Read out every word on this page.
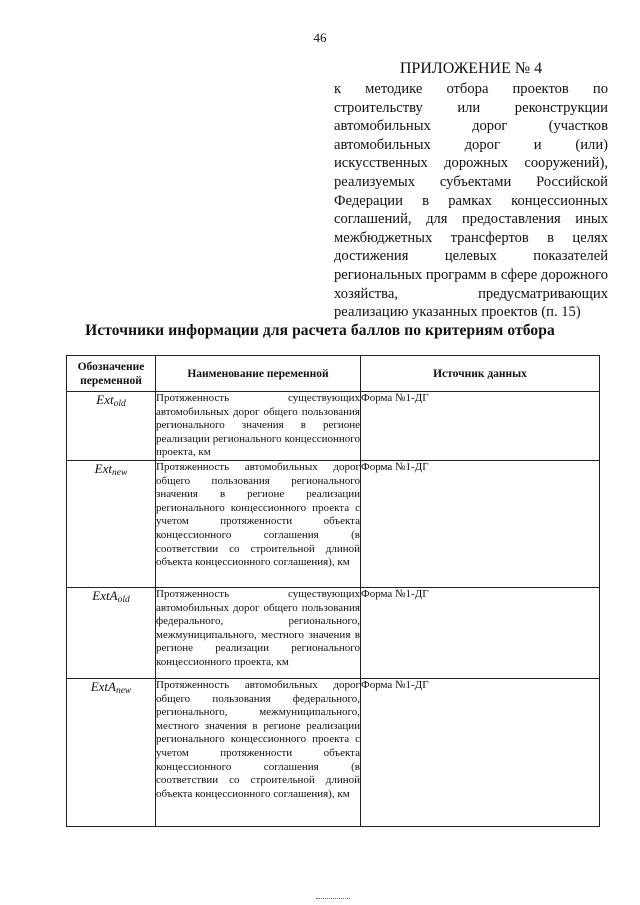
46
ПРИЛОЖЕНИЕ № 4

к методике отбора проектов по строительству или реконструкции автомобильных дорог (участков автомобильных дорог и (или) искусственных дорожных сооружений), реализуемых субъектами Российской Федерации в рамках концессионных соглашений, для предоставления иных межбюджетных трансфертов в целях достижения целевых показателей региональных программ в сфере дорожного хозяйства, предусматривающих реализацию указанных проектов (п. 15)

Источники информации для расчета баллов по критериям отбора
Обозначение переменной	Наименование переменной	Источник данных
Ext$_{old}$	Протяженность существующих автомобильных дорог общего пользования регионального значения в регионе реализации регионального концессионного проекта, км	Форма №1-ДГ
Ext$_{new}$	Протяженность автомобильных дорог общего пользования регионального значения в регионе реализации регионального концессионного проекта с учетом протяженности объекта концессионного соглашения (в соответствии со строительной длиной объекта концессионного соглашения), км	Форма №1-ДГ
ExtA$_{old}$	Протяженность существующих автомобильных дорог общего пользования федерального, регионального, межмуниципального, местного значения в регионе реализации регионального концессионного проекта, км	Форма №1-ДГ
ExtA$_{new}$	Протяженность автомобильных дорог общего пользования федерального, регионального, межмуниципального, местного значения в регионе реализации регионального концессионного проекта с учетом протяженности объекта концессионного соглашения (в соответствии со строительной длиной объекта концессионного соглашения), км	Форма №1-ДГ
